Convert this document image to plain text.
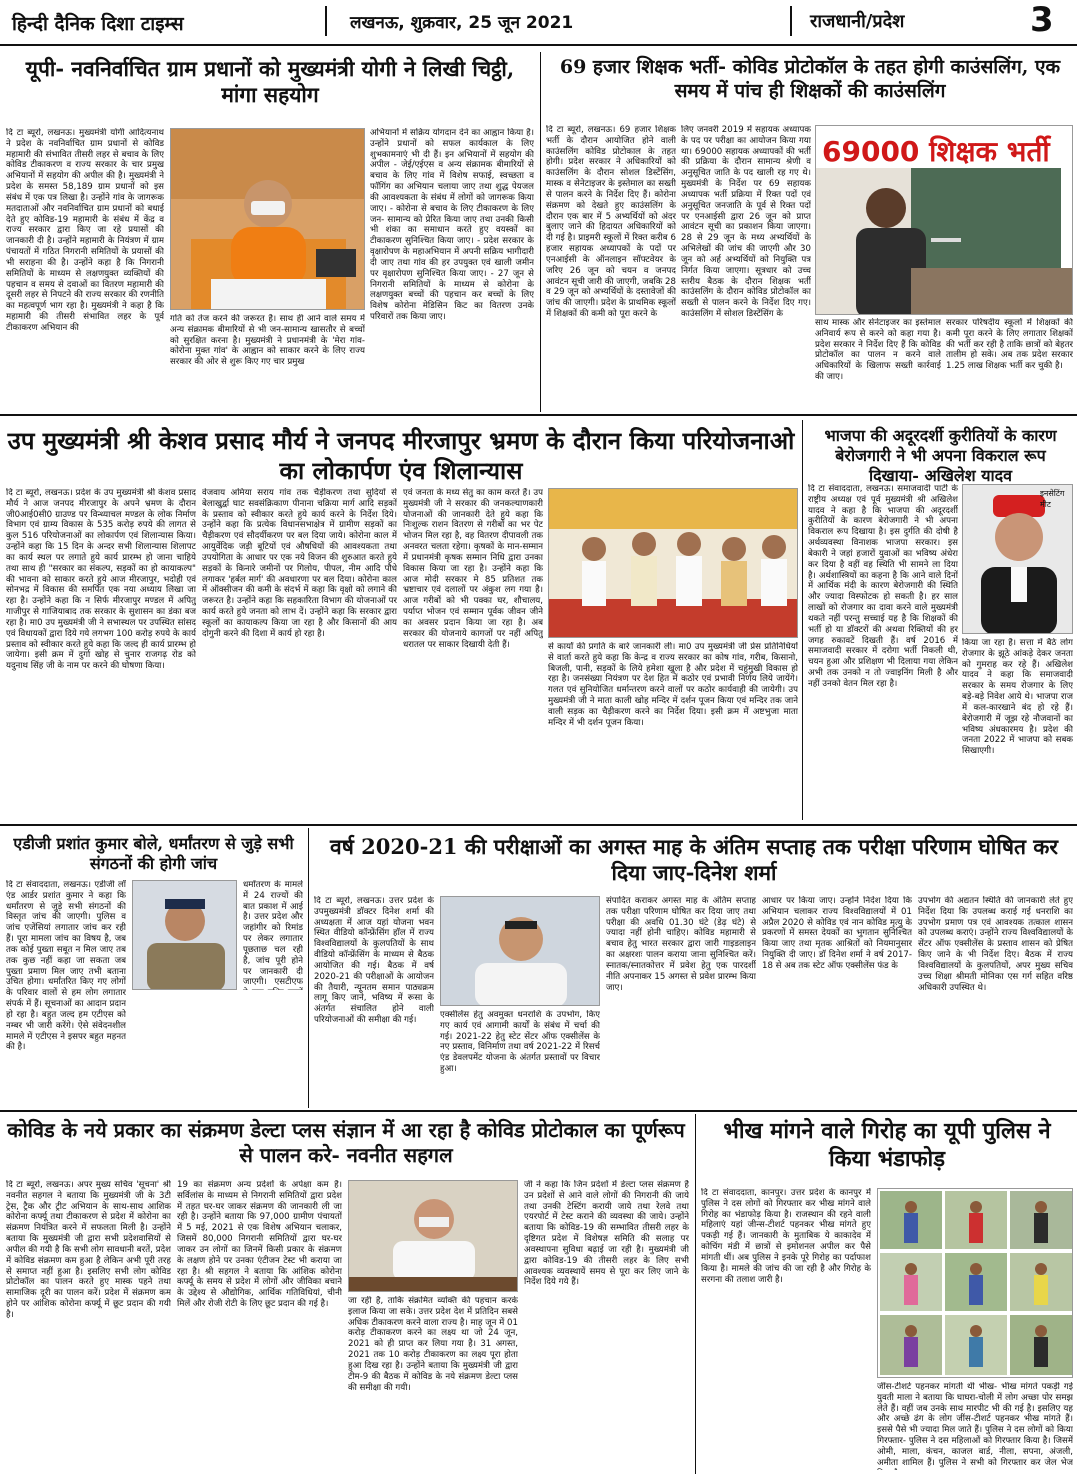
हिन्दी दैनिक दिशा टाइम्स	लखनऊ, शुक्रवार, 25 जून 2021	राजधानी/प्रदेश	3
यूपी- नवनिर्वाचित ग्राम प्रधानों को मुख्यमंत्री योगी ने लिखी चिट्ठी, मांगा सहयोग
दि टा ब्यूरो, लखनऊ। मुख्यमंत्री योगी आदित्यनाथ ने प्रदेश के नवनिर्वाचित ग्राम प्रधानों से कोविड महामारी की संभावित तीसरी लहर से बचाव के लिए कोविड टीकाकरण व राज्य सरकार के चार प्रमुख अभियानों में सहयोग की अपील की है। मुख्यमंत्री ने प्रदेश के समस्त 58,189 ग्राम प्रधानों को इस संबंध में एक पत्र लिखा है। उन्होंने गांव के जागरूक मतदाताओं और नवनिर्वाचित ग्राम प्रधानों को बधाई देते हुए कोविड-19 महामारी के संबंध में केंद्र व राज्य सरकार द्वारा किए जा रहे प्रयासों की जानकारी दी है। उन्होंने महामारी के नियंत्रण में ग्राम पंचायतों में गठित निगरानी समितियों के प्रयासों की भी सराहना की है। उन्होंने कहा है कि निगरानी समितियों के माध्यम से लक्षणयुक्त व्यक्तियों की पहचान व समय से दवाओं का वितरण महामारी की दूसरी लहर से निपटने की राज्य सरकार की रणनीति का महत्वपूर्ण भाग रहा है। मुख्यमंत्री ने कहा है कि महामारी की तीसरी संभावित लहर के पूर्व टीकाकरण अभियान की
गति को तेज करने की जरूरत है। साथ ही आने वाले समय में अन्य संक्रामक बीमारियों से भी जन-सामान्य खासतौर से बच्चों को सुरक्षित करना है। मुख्यमंत्री ने प्रधानमंत्री के 'मेरा गांव-कोरोना मुक्त गांव' के आह्वान को साकार करने के लिए राज्य सरकार की ओर से शुरू किए गए चार प्रमुख
अभियानों में सक्रिय योगदान देने का आह्वान किया है। उन्होंने प्रधानों को सफल कार्यकाल के लिए शुभकामनाएं भी दी हैं। इन अभियानों में सहयोग की अपील - जेई/एईएस व अन्य संक्रामक बीमारियों से बचाव के लिए गांव में विशेष सफाई, स्वच्छता व फॉगिंग का अभियान चलाया जाए तथा शुद्ध पेयजल की आवश्यकता के संबंध में लोगों को जागरूक किया जाए। - कोरोना से बचाव के लिए टीकाकरण के लिए जन- सामान्य को प्रेरित किया जाए तथा उनकी किसी भी शंका का समाधान करते हुए वयस्कों का टीकाकरण सुनिश्चित किया जाए। - प्रदेश सरकार के वृक्षारोपण के महाअभियान में अपनी सक्रिय भागीदारी दी जाए तथा गांव की हर उपयुक्त एवं खाली जमीन पर वृक्षारोपण सुनिश्चित किया जाए। - 27 जून से निगरानी समितियों के माध्यम से कोरोना के लक्षणयुक्त बच्चों की पहचान कर बच्चों के लिए विशेष कोरोना मेडिसिन किट का वितरण उनके परिवारों तक किया जाए।
69 हजार शिक्षक भर्ती- कोविड प्रोटोकॉल के तहत होगी काउंसलिंग, एक समय में पांच ही शिक्षकों की काउंसलिंग
दि टा ब्यूरो, लखनऊ। 69 हजार शिक्षक भर्ती के दौरान आयोजित होने वाली काउंसलिंग कोविड प्रोटोकाल के तहत होगी। प्रदेश सरकार ने अधिकारियों को काउंसलिंग के दौरान सोशल डिस्टेंसिंग, मास्क व सेनेटाइजर के इस्तेमाल का सख्ती से पालन करने के निर्देश दिए हैं। कोरोना संक्रमण को देखते हुए काउंसलिंग के दौरान एक बार में 5 अभ्यर्थियों को अंदर बुलाए जाने की हिदायत अधिकारियों को दी गई है। प्राइमरी स्कूलों में रिक्त करीब 6 हजार सहायक अध्यापकों के पदों पर एनआईसी के ऑनलाइन सॉफ्टवेयर के जरिए 26 जून को चयन व जनपद आवंटन सूची जारी की जाएगी, जबकि 28 व 29 जून को अभ्यर्थियों के दस्तावेजों की जांच की जाएगी। प्रदेश के प्राथमिक स्कूलों में शिक्षकों की कमी को पूरा करने के
लिए जनवरी 2019 में सहायक अध्यापक के पद पर परीक्षा का आयोजन किया गया था। 69000 सहायक अध्यापकों की भर्ती की प्रक्रिया के दौरान सामान्य श्रेणी व अनुसूचित जाति के पद खाली रह गए थे। मुख्यमंत्री के निर्देश पर 69 सहायक अध्यापक भर्ती प्रक्रिया में रिक्त पदों एवं अनुसूचित जनजाति के पूर्व से रिक्त पदों पर एनआईसी द्वारा 26 जून को प्राप्त आवंटन सूची का प्रकाशन किया जाएगा। 28 से 29 जून के मध्य अभ्यर्थियों के अभिलेखों की जांच की जाएगी और 30 जून को अर्ह अभ्यर्थियों को नियुक्ति पत्र निर्गत किया जाएगा। सूत्रधार को उच्च स्तरीय बैठक के दौरान शिक्षक भर्ती काउंसलिंग के दौरान कोविड प्रोटोकॉल का सख्ती से पालन करने के निर्देश दिए गए। काउंसलिंग में सोशल डिस्टेंसिंग के
69000 शिक्षक भर्ती
साथ मास्क और सेनेटाइजर का इस्तेमाल अनिवार्य रूप से करने को कहा गया है। प्रदेश सरकार ने निर्देश दिए हैं कि कोविड प्रोटोकॉल का पालन न करने वाले अधिकारियों के खिलाफ सख्ती कार्रवाई की जाए।
सरकार परिषदीय स्कूलों में शिक्षकों की कमी पूरा करने के लिए लगातार शिक्षकों की भर्ती कर रही है ताकि छात्रों को बेहतर तालीम हो सके। अब तक प्रदेश सरकार 1.25 लाख शिक्षक भर्ती कर चुकी है।
उप मुख्यमंत्री श्री केशव प्रसाद मौर्य ने जनपद मीरजापुर भ्रमण के दौरान किया परियोजनाओ का लोकार्पण एंव शिलान्यास
दि टा ब्यूरो, लखनऊ। प्रदेश के उप मुख्यमंत्री श्री केशव प्रसाद मौर्य ने आज जनपद मीरजापुर के अपने भ्रमण के दौरान जी0आई0सी0 ग्राउण्ड पर विन्ध्याचल मण्डल के लोक निर्माण विभाग एवं ग्राम्य विकास के 535 करोड़ रुपये की लागत से कुल 516 परियोजनाओं का लोकार्पण एवं शिलान्यास किया। उन्होंने कहा कि 15 दिन के अन्दर सभी शिलान्यास शिलापट का कार्य स्थल पर लगाते हुये कार्य प्रारम्भ हो जाना चाहिये तथा साथ ही "सरकार का संकल्प, सड़कों का हो कायाकल्प" की भावना को साकार करते हुये आज मीरजापुर, भदोही एवं सोनभद्र में विकास की समर्पित एक नया अध्याय लिखा जा रहा है। उन्होंने कहा कि न सिर्फ मीरजापुर मण्डल में अपितु गाजीपुर से गाजियाबाद तक सरकार के सुशासन का डंका बज रहा है। मा0 उप मुख्यमंत्री जी ने सभास्थल पर उपस्थित सांसद एवं विधायकों द्वारा दिये गये लगभग 100 करोड़ रुपये के कार्य प्रस्ताव को स्वीकार करते हुये कहा कि जल्द ही कार्य प्रारम्भ हो जायेगा। इसी क्रम में दुर्गा खोह से चुनार राजगढ़ रोड को यदुनाथ सिंह जी के नाम पर करने की घोषणा किया।
वेजवाय अमिया सराय गांव तक चैड़ीकरण तथा सुदियों से बेलाखुर्द्वा घाट सवसंक्रिकाण पीनाना चक्रिया मार्ग आदि सड़कों के प्रस्ताव को स्वीकार करते हुये कार्य करने के निर्देश दिये। उन्होंने कहा कि प्रत्येक विधानसभाक्षेत्र में ग्रामीण सड़कों का चैड़ीकरण एवं सौदर्यीकरण पर बल दिया जाये। कोरोना काल में आयुर्वेदिक जड़ी बूटियों एवं औषधियों की आवश्यकता तथा उपयोगिता के आधार पर एक नये विजन की शुरुआत करते हुये सड़कों के किनारे जमीनों पर गिलोय, पीपल, नीम आदि पौधे लगाकर 'हर्बल मार्ग' की अवधारणा पर बल दिया। कोरोना काल में ऑक्सीजन की कमी के संदर्भ में कहा कि वृक्षो को लगाने की जरूरत है। उन्होंने कहा कि सहकारिता विभाग की योजनाओं पर कार्य करते हुये जनता को लाभ दें। उन्होंने कहा कि सरकार द्वारा स्कूलों का कायाकल्प किया जा रहा है और किसानों की आय दोगुनी करने की दिशा में कार्य हो रहा है।
एवं जनता के मध्य सेतु का काम करते हैं। उप मुख्यमंत्री जी ने सरकार की जनकल्याणकारी योजनाओं की जानकारी देते हुये कहा कि निःशुल्क राशन वितरण से गरीबों का भर पेट भोजन मिल रहा है, वह वितरण दीपावली तक अनवरत चलता रहेगा। कृषकों के मान-सम्मान में प्रधानमंत्री कृषक सम्मान निधि द्वारा उनका विकास किया जा रहा है। उन्होंने कहा कि आज मोदी सरकार मे 85 प्रतिशत तक भ्रष्टाचार एवं दलालों पर अंकुश लग गया है। आज गरीबों को भी पक्का घर, शौचालय, पर्याप्त भोजन एवं सम्मान पूर्वक जीवन जीने का अवसर प्रदान किया जा रहा है। अब सरकार की योजनाये कागजों पर नहीं अपितु धरातल पर साकार दिखायी देती हैं।	से कार्यों की प्रगति के बारे जानकारी ली। मा0 उप मुख्यमंत्री जी प्रेस प्रतिनिधियों से वार्ता करते हुये कहा कि केन्द्र व राज्य सरकार का कोष गांव, गरीब, किसानो, बिजली, पानी, सड़कों के लिये हमेशा खुला है और प्रदेश में चहुंमुखी विकास हो रहा है। जनसंख्या नियंत्रण पर देश हित में कठोर एवं प्रभावी निर्णय लिये जायेंगे। गलत एवं सुनियोजित धर्मान्तरण करने वालों पर कठोर कार्यवाही की जायेगी। उप मुख्यमंत्री जी ने माता काली खोह मन्दिर में दर्शन पूजन किया एवं मन्दिर तक जाने वाली सड़क का चैड़ीकरण करने का निर्देश दिया। इसी क्रम में अष्टभुजा माता मन्दिर में भी दर्शन पूजन किया।
भाजपा की अदूरदर्शी कुरीतियों के कारण बेरोजगारी ने भी अपना विकराल रूप दिखाया- अखिलेश यादव
दि टा संवाददाता, लखनऊ। समाजवादी पार्टी के राष्ट्रीय अध्यक्ष एवं पूर्व मुख्यमंत्री श्री अखिलेश यादव ने कहा है कि भाजपा की अदूरदर्शी कुरीतियों के कारण बेरोजगारी ने भी अपना विकराल रूप दिखाया है। इस दुर्गति की दोषी है अर्थव्यवस्था विनाशक भाजपा सरकार। इस बेकारी ने जहां हजारों युवाओं का भविष्य अंधेरा कर दिया है वहीं वह स्थिति भी सामने ला दिया है। अर्थशास्त्रियों का कहना है कि आने वाले दिनों में आर्थिक मंदी के कारण बेरोजगारी की स्थिति और ज्यादा विस्फोटक हो सकती है। हर साल लाखों को रोजगार का दावा करने वाले मुख्यमंत्री थकते नहीं परन्तु सच्चाई यह है कि शिक्षकों की भर्ती हो या डॉक्टरों की अथवा रिक्तियों की हर जगह रुकावटें दिखती हैं। वर्ष 2016 में समाजवादी सरकार में दरोगा भर्ती निकली थी, चयन हुआ और प्रशिक्षण भी दिलाया गया लेकिन अभी तक उनको न तो ज्वाइनिंग मिली है और नहीं उनको वेतन मिल रहा है।
इनसेटिंग मीट
किया जा रहा है। सत्ता में बैठे लोग रोजगार के झूठे आंकड़े देकर जनता को गुमराह कर रहे हैं। अखिलेश यादव ने कहा कि समाजवादी सरकार के समय रोजगार के लिए बड़े-बड़े निवेश आये थे। भाजपा राज में कल-कारखाने बंद हो रहे हैं। बेरोजगारी में जूझ रहे नौजवानों का भविष्य अंधकारमय है। प्रदेश की जनता 2022 में भाजपा को सबक सिखाएगी।
एडीजी प्रशांत कुमार बोले, धर्मांतरण से जुड़े सभी संगठनों की होगी जांच
दि टा संवाददाता, लखनऊ। एडीजी लॉ एंड आर्डर प्रशांत कुमार ने कहा कि धर्मांतरण से जुड़े सभी संगठनों की विस्तृत जांच की जाएगी। पुलिस व जांच एजेंसियां लगातार जांच कर रही हैं। पूरा मामला जांच का विषय है, जब तक कोई पुख्ता सबूत न मिल जाए तब तक कुछ नहीं कहा जा सकता जब पुख्ता प्रमाण मिल जाए तभी बताना उचित होगा। धर्मांतरित किए गए लोगों के परिवार वालों से हम लोग लगातार संपर्क में हैं। सूचनाओं का आदान प्रदान हो रहा है। बहुत जल्द हम एटीएस को नम्बर भी जारी करेंगे। ऐसे संवेदनशील मामले में एटीएस ने इसपर बहुत महनत की है।
धर्मांतरण के मामले में 24 राज्यों की बात प्रकाश में आई है। उत्तर प्रदेश और जहांगीर को रिमांड पर लेकर लगातार पूछताछ चल रही है, जांच पूरी होने पर जानकारी दी जाएगी। एसटीएफ
वर्ष 2020-21 की परीक्षाओं का अगस्त माह के अंतिम सप्ताह तक परीक्षा परिणाम घोषित कर दिया जाए-दिनेश शर्मा
दि टा ब्यूरो, लखनऊ। उत्तर प्रदेश के उपमुख्यमंत्री डॉक्टर दिनेश शर्मा की अध्यक्षता में आज यहां योजना भवन स्थित वीडियो कॉन्फ्रेंसिंग हॉल में राज्य विश्वविद्यालयों के कुलपतियों के साथ वीडियो कॉन्फ्रेंसिंग के माध्यम से बैठक आयोजित की गई। बैठक में वर्ष 2020-21 की परीक्षाओं के आयोजन की तैयारी, न्यूनतम समान पाठ्यक्रम लागू किए जाने, भविष्य में रूसा के अंतर्गत संचालित होने वाली परियोजनाओं की समीक्षा की गई।
एक्सीलेंस हेतु अवमुक्त धनराशि के उपभोग, किए गए कार्य एवं आगामी कार्यों के संबंध में चर्चा की गई। 2021-22 हेतु स्टेट सेंटर ऑफ एक्सीलेंस के नए प्रस्ताव, विनिर्माण तथा वर्ष 2021-22 में रिसर्च एंड डेवलपमेंट योजना के अंतर्गत प्रस्तावों पर विचार हुआ।
संपादित कराकर अगस्त माह के अंतिम सप्ताह तक परीक्षा परिणाम घोषित कर दिया जाए तथा परीक्षा की अवधि 01.30 घंटे (डेढ़ घंटे) से ज्यादा नहीं होनी चाहिए। कोविड महामारी से बचाव हेतु भारत सरकार द्वारा जारी गाइडलाइन का अक्षरशः पालन कराया जाना सुनिश्चित करें। स्नातक/स्नातकोत्तर में प्रवेश हेतु एक पारदर्शी नीति अपनाकर 15 अगस्त से प्रवेश प्रारम्भ किया जाए।
आधार पर किया जाए। उन्होंने निर्देश दिया कि अभियान चलाकर राज्य विश्वविद्यालयों में 01 अप्रैल 2020 से कोविड एवं नान कोविड मृत्यु के प्रकरणों में समस्त देयकों का भुगतान सुनिश्चित किया जाए तथा मृतक आश्रितों को नियमानुसार नियुक्ति दी जाए। डॉ दिनेश शर्मा ने वर्ष 2017-18 से अब तक स्टेट ऑफ एक्सीलेंस फंड के
उपभोग की अद्यतन स्थिति की जानकारी लेते हुए निर्देश दिया कि उपलब्ध कराई गई धनराशि का उपभोग प्रमाण पत्र एवं आवश्यक तत्काल शासन को उपलब्ध कराएं। उन्होंने राज्य विश्वविद्यालयों के सेंटर ऑफ एक्सीलेंस के प्रस्ताव शासन को प्रेषित किए जाने के भी निर्देश दिए। बैठक में राज्य विश्वविद्यालयों के कुलपतियों, अपर मुख्य सचिव उच्च शिक्षा श्रीमती मोनिका एस गर्ग सहित वरिष्ठ अधिकारी उपस्थित थे।
कोविड के नये प्रकार का संक्रमण डेल्टा प्लस संज्ञान में आ रहा है कोविड प्रोटोकाल का पूर्णरूप से पालन करे- नवनीत सहगल
दि टा ब्यूरो, लखनऊ। अपर मुख्य सचिव 'सूचना' श्री नवनीत सहगल ने बताया कि मुख्यमंत्री जी के 3टी ट्रेस, ट्रैक और ट्रीट अभियान के साथ-साथ आशिक कोरोना कर्फ्यू तथा टीकाकरण से प्रदेश में कोरोना का संक्रमण नियंत्रित करने में सफलता मिली है। उन्होंने बताया कि मुख्यमंत्री जी द्वारा सभी प्रदेशवासियों से अपील की गयी है कि सभी लोग सावधानी बरतें, प्रदेश में कोविड संक्रमण कम हुआ है लेकिन अभी पूरी तरह से समाप्त नहीं हुआ है। इसलिए सभी लोग कोविड प्रोटोकॉल का पालन करते हुए मास्क पहने तथा सामाजिक दूरी का पालन करें। प्रदेश में संक्रमण कम होने पर आंशिक कोरोना कर्फ्यू में छूट प्रदान की गयी है।
19 का संक्रमण अन्य प्रदेशों के अपेक्षा कम है। सर्विलांस के माध्यम से निगरानी समितियों द्वारा प्रदेश में तहत घर-घर जाकर संक्रमण की जानकारी ली जा रही है। उन्होंने बताया कि 97,000 ग्रामीण पंचायतों में 5 मई, 2021 से एक विशेष अभियान चलाकर, जिसमें 80,000 निगरानी समितियों द्वारा घर-घर जाकर उन लोगों का जिनमें किसी प्रकार के संक्रमण के लक्षण होने पर उनका एंटीजन टेस्ट भी कराया जा रहा है। श्री सहगल ने बताया कि आंशिक कोरोना कर्फ्यू के समय से प्रदेश में लोगों और जीविका बचाने के उद्देश्य से औद्योगिक, आर्थिक गतिविधियां, चीनी मिलें और रोजी रोटी के लिए छूट प्रदान की गई है।	जा रही है, ताकि संक्रमित व्यक्ति की पहचान करके इलाज किया जा सके। उत्तर प्रदेश देश में प्रतिदिन सबसे अधिक टीकाकरण करने वाला राज्य है। माह जून में 01 करोड़ टीकाकरण करने का लक्ष्य था जो 24 जून, 2021 को ही प्राप्त कर लिया गया है। 31 अगस्त, 2021 तक 10 करोड़ टीकाकरण का लक्ष्य पूरा होता हुआ दिख रहा है। उन्होंने बताया कि मुख्यमंत्री जी द्वारा टीम-9 की बैठक में कोविड के नये संक्रमण डेल्टा प्लस की समीक्षा की गयी।
जी ने कहा कि जिन प्रदेशों में डेल्टा प्लस संक्रमण है उन प्रदेशों से आने वाले लोगों की निगरानी की जाये तथा उनकी टेस्टिंग करायी जाये तथा रेलवे तथा एयरपोर्ट में टेस्ट कराने की व्यवस्था की जाये। उन्होंने बताया कि कोविड-19 की सम्भावित तीसरी लहर के दृष्टिगत प्रदेश में विशेषज्ञ समिति की सलाह पर अवस्थापना सुविधा बढ़ाई जा रही है। मुख्यमंत्री जी द्वारा कोविड-19 की तीसरी लहर के लिए सभी आवश्यक व्यवस्थायें समय से पूरा कर लिए जाने के निर्देश दिये गये हैं।
भीख मांगने वाले गिरोह का यूपी पुलिस ने किया भंडाफोड़
दि टा संवाददाता, कानपुर। उत्तर प्रदेश के कानपुर में पुलिस ने दस लोगों को गिरफ्तार कर भीख मांगने वाले गिरोह का भंडाफोड़ किया है। राजस्थान की रहने वाली महिलाएं यहां जीन्स-टीशर्ट पहनकर भीख मांगते हुए पकड़ी गई हैं। जानकारी के मुताबिक ये काकादेव में कोचिंग मंडी में छात्रों से इमोशनल अपील कर पैसे मांगती थीं। अब पुलिस ने इनके पूरे गिरोह का पर्दाफाश किया है। मामले की जांच की जा रही है और गिरोह के सरगना की तलाश जारी है।
जींस-टीशर्ट पहनकर मांगती थी भीख- भीख मांगते पकड़ी गई युवती माला ने बताया कि घाघरा-चोली में लोग अच्छा पोर समझ लेते हैं। वहीं जब उनके साथ मारपीट भी की गई है। इसलिए यह और अच्छे ढंग के लोग जींस-टीशर्ट पहनकर भीख मांगते हैं। इससे पैसे भी ज्यादा मिल जाते हैं। पुलिस ने दस लोगों को किया गिरफ्तार- पुलिस ने दस महिलाओं को गिरफ्तार किया है। जिसमें ओमी, माला, कंचन, काजल बार्ड, नीला, सपना, अंजली, अमीता शामिल हैं। पुलिस ने सभी को गिरफ्तार कर जेल भेज
